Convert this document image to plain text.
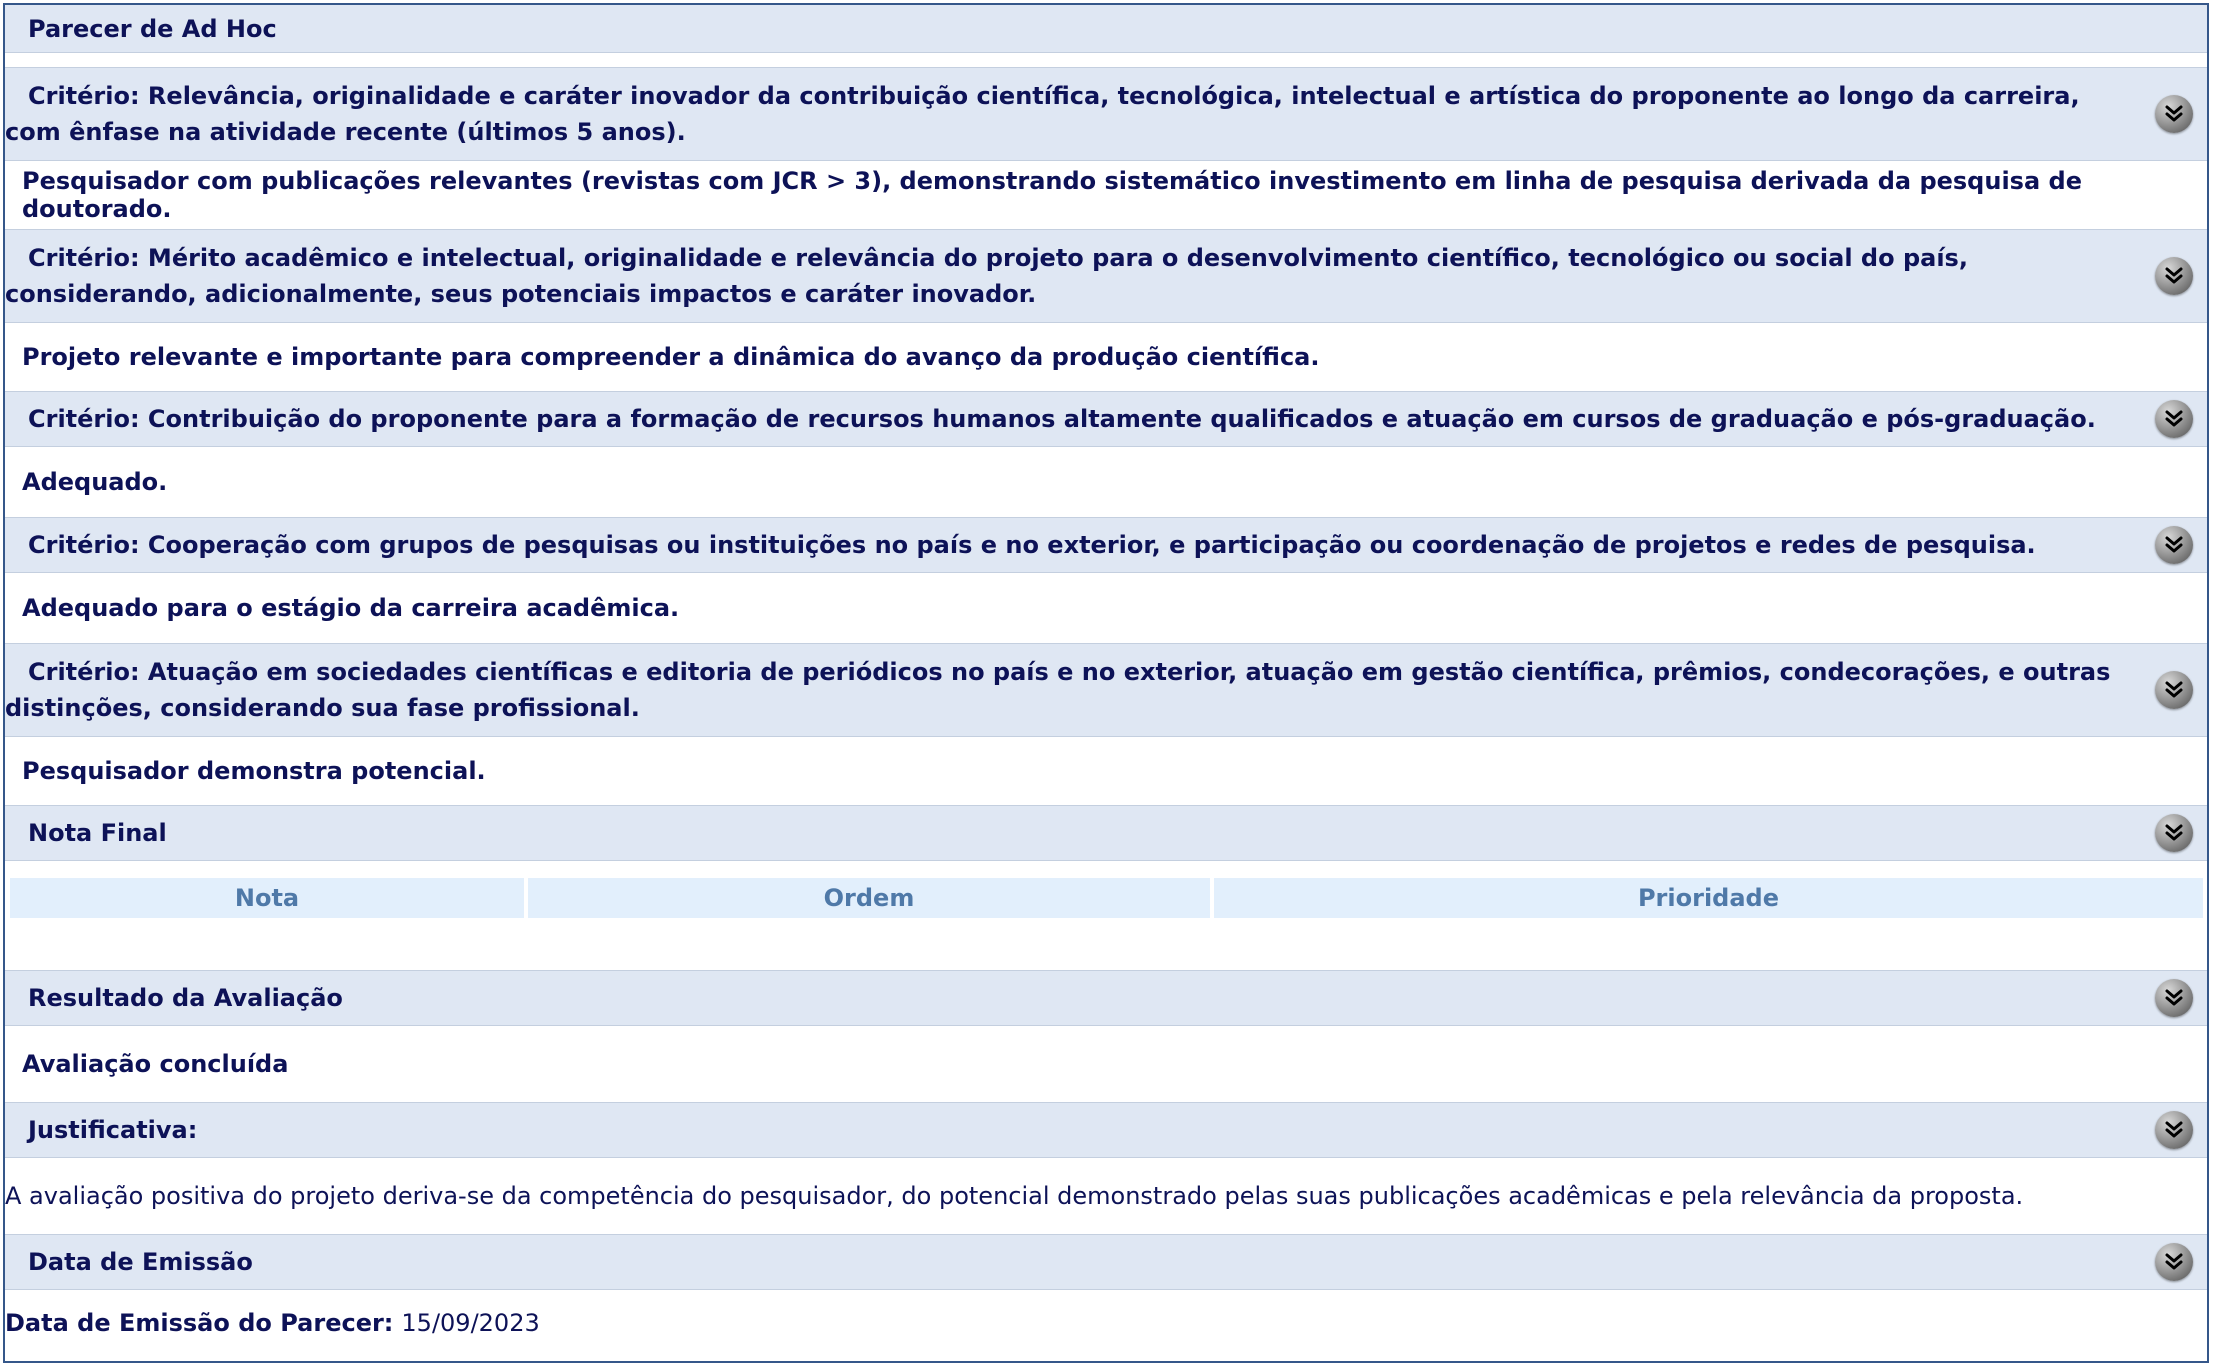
Parecer de Ad Hoc
Critério: Relevância, originalidade e caráter inovador da contribuição científica, tecnológica, intelectual e artística do proponente ao longo da carreira, com ênfase na atividade recente (últimos 5 anos).
Pesquisador com publicações relevantes (revistas com JCR > 3), demonstrando sistemático investimento em linha de pesquisa derivada da pesquisa de doutorado.
Critério: Mérito acadêmico e intelectual, originalidade e relevância do projeto para o desenvolvimento científico, tecnológico ou social do país, considerando, adicionalmente, seus potenciais impactos e caráter inovador.
Projeto relevante e importante para compreender a dinâmica do avanço da produção científica.
Critério: Contribuição do proponente para a formação de recursos humanos altamente qualificados e atuação em cursos de graduação e pós-graduação.
Adequado.
Critério: Cooperação com grupos de pesquisas ou instituições no país e no exterior, e participação ou coordenação de projetos e redes de pesquisa.
Adequado para o estágio da carreira acadêmica.
Critério: Atuação em sociedades científicas e editoria de periódicos no país e no exterior, atuação em gestão científica, prêmios, condecorações, e outras distinções, considerando sua fase profissional.
Pesquisador demonstra potencial.
Nota Final
Nota	Ordem	Prioridade
Resultado da Avaliação
Avaliação concluída
Justificativa:
A avaliação positiva do projeto deriva-se da competência do pesquisador, do potencial demonstrado pelas suas publicações acadêmicas e pela relevância da proposta.
Data de Emissão
Data de Emissão do Parecer: 15/09/2023
